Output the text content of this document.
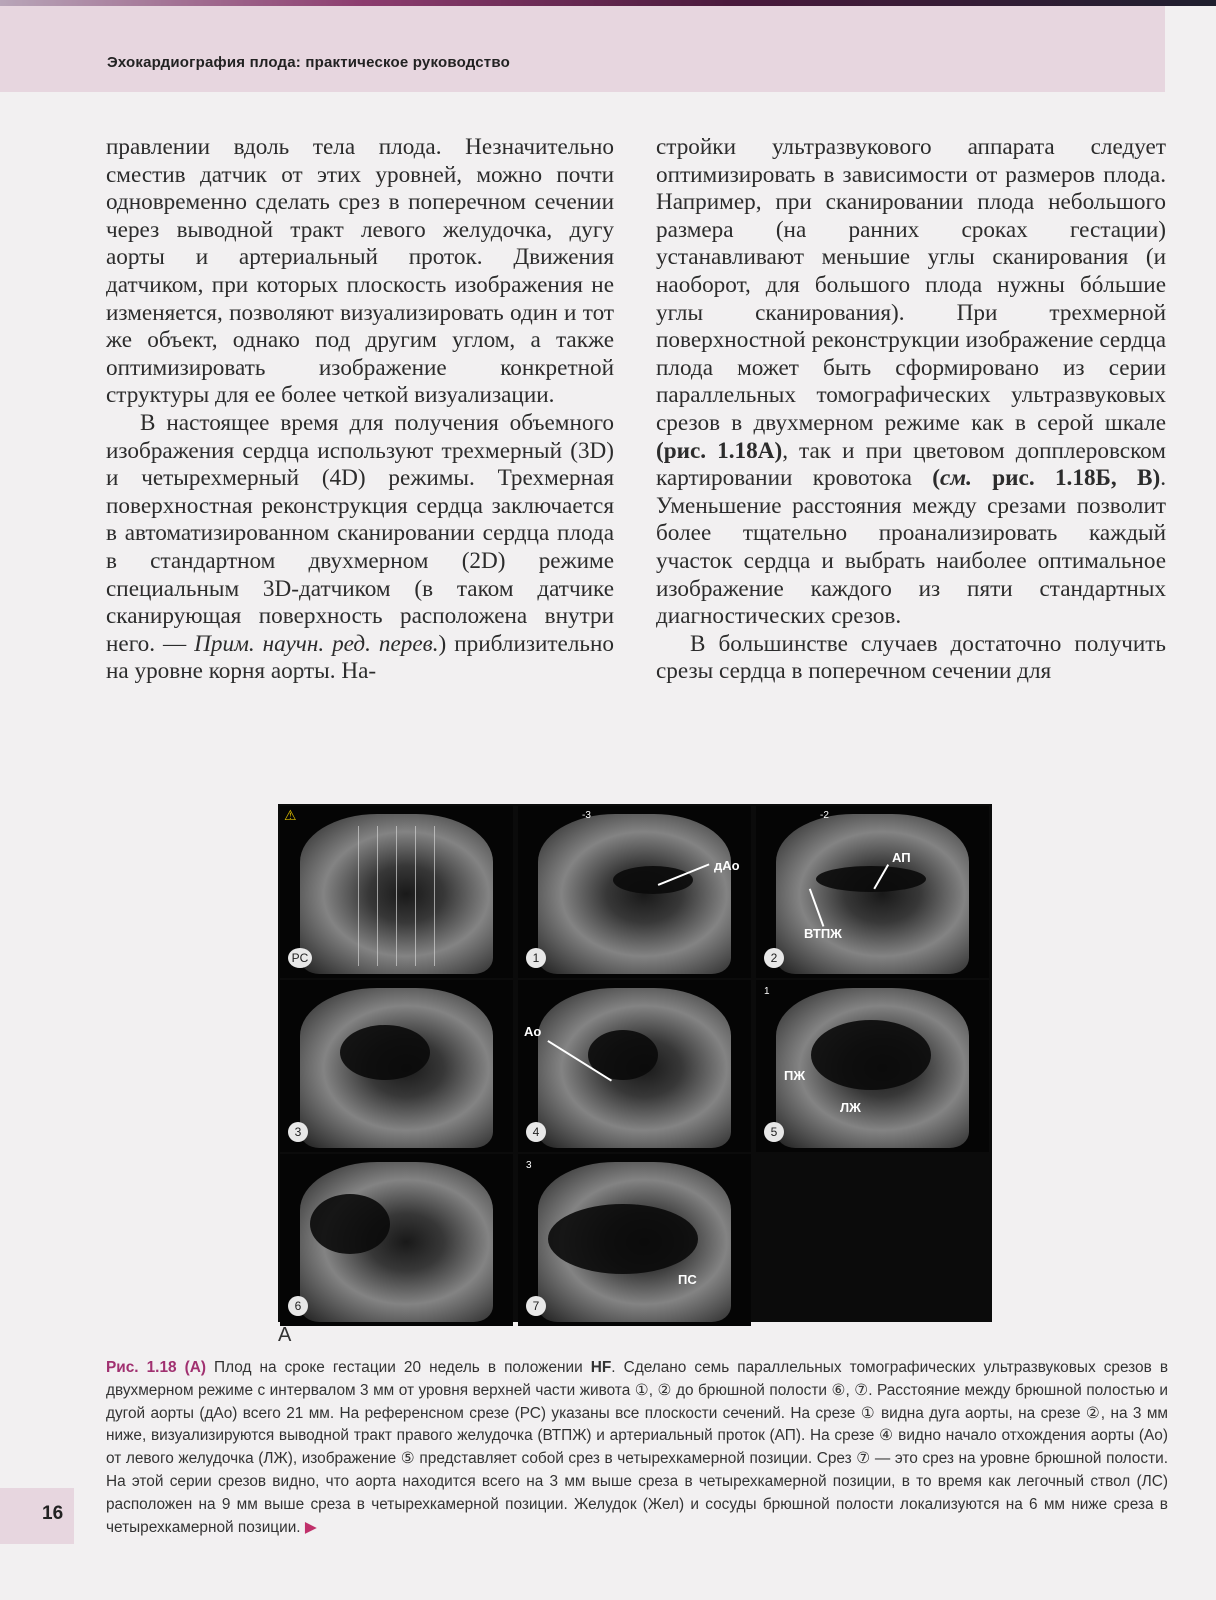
Эхокардиография плода: практическое руководство

правлении вдоль тела плода. Незначительно сместив датчик от этих уровней, можно почти одновременно сделать срез в поперечном сечении через выводной тракт левого желудочка, дугу аорты и артериальный проток. Движения датчиком, при которых плоскость изображения не изменяется, позволяют визуализировать один и тот же объект, однако под другим углом, а также оптимизировать изображение конкретной структуры для ее более четкой визуализации.

В настоящее время для получения объемного изображения сердца используют трехмерный (3D) и четырехмерный (4D) режимы. Трехмерная поверхностная реконструкция сердца заключается в автоматизированном сканировании сердца плода в стандартном двухмерном (2D) режиме специальным 3D-датчиком (в таком датчике сканирующая поверхность расположена внутри него. — Прим. научн. ред. перев.) приблизительно на уровне корня аорты. На-

стройки ультразвукового аппарата следует оптимизировать в зависимости от размеров плода. Например, при сканировании плода небольшого размера (на ранних сроках гестации) устанавливают меньшие углы сканирования (и наоборот, для большого плода нужны бóльшие углы сканирования). При трехмерной поверхностной реконструкции изображение сердца плода может быть сформировано из серии параллельных томографических ультразвуковых срезов в двухмерном режиме как в серой шкале (рис. 1.18А), так и при цветовом допплеровском картировании кровотока (см. рис. 1.18Б, В). Уменьшение расстояния между срезами позволит более тщательно проанализировать каждый участок сердца и выбрать наиболее оптимальное изображение каждого из пяти стандартных диагностических срезов.

В большинстве случаев достаточно получить срезы сердца в поперечном сечении для

⚠
PC
-3
дАо
1
-2
АП
ВТПЖ
2
3
Ао
4
1
ПЖ
ЛЖ
5
6
3
ПС
7
А
Рис. 1.18 (А) Плод на сроке гестации 20 недель в положении HF. Сделано семь параллельных томографических ультразвуковых срезов в двухмерном режиме с интервалом 3 мм от уровня верхней части живота ①, ② до брюшной полости ⑥, ⑦. Расстояние между брюшной полостью и дугой аорты (дАо) всего 21 мм. На референсном срезе (РС) указаны все плоскости сечений. На срезе ① видна дуга аорты, на срезе ②, на 3 мм ниже, визуализируются выводной тракт правого желудочка (ВТПЖ) и артериальный проток (АП). На срезе ④ видно начало отхождения аорты (Ао) от левого желудочка (ЛЖ), изображение ⑤ представляет собой срез в четырехкамерной позиции. Срез ⑦ — это срез на уровне брюшной полости. На этой серии срезов видно, что аорта находится всего на 3 мм выше среза в четырехкамерной позиции, в то время как легочный ствол (ЛС) расположен на 9 мм выше среза в четырехкамерной позиции. Желудок (Жел) и сосуды брюшной полости локализуются на 6 мм ниже среза в четырехкамерной позиции. ▶
16
